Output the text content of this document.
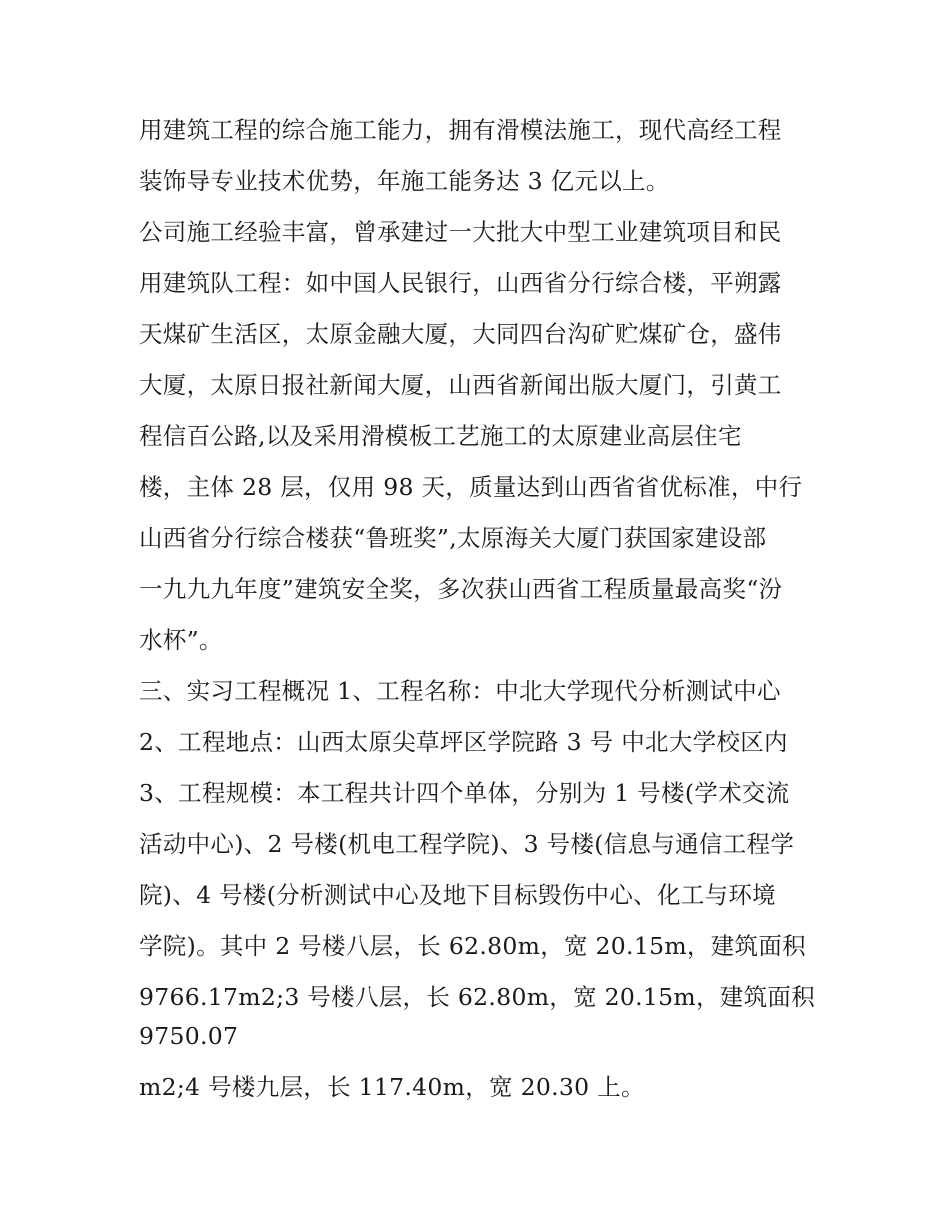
用建筑工程的综合施工能力，拥有滑模法施工，现代高经工程
装饰导专业技术优势，年施工能务达 3 亿元以上。
公司施工经验丰富，曾承建过一大批大中型工业建筑项目和民
用建筑队工程：如中国人民银行，山西省分行综合楼，平朔露
天煤矿生活区，太原金融大厦，大同四台沟矿贮煤矿仓，盛伟
大厦，太原日报社新闻大厦，山西省新闻出版大厦门，引黄工
程信百公路,以及采用滑模板工艺施工的太原建业高层住宅
楼，主体 28 层，仅用 98 天，质量达到山西省省优标准，中行
山西省分行综合楼获“鲁班奖”,太原海关大厦门获国家建设部
一九九九年度”建筑安全奖，多次获山西省工程质量最高奖“汾
水杯”。
三、实习工程概况 1、工程名称：中北大学现代分析测试中心
2、工程地点：山西太原尖草坪区学院路 3 号 中北大学校区内
3、工程规模：本工程共计四个单体，分别为 1 号楼(学术交流
活动中心)、2 号楼(机电工程学院)、3 号楼(信息与通信工程学
院)、4 号楼(分析测试中心及地下目标毁伤中心、化工与环境
学院)。其中 2 号楼八层，长 62.80m，宽 20.15m，建筑面积
9766.17m2;3 号楼八层，长 62.80m，宽 20.15m，建筑面积
9750.07
m2;4 号楼九层，长 117.40m，宽 20.30 上。
